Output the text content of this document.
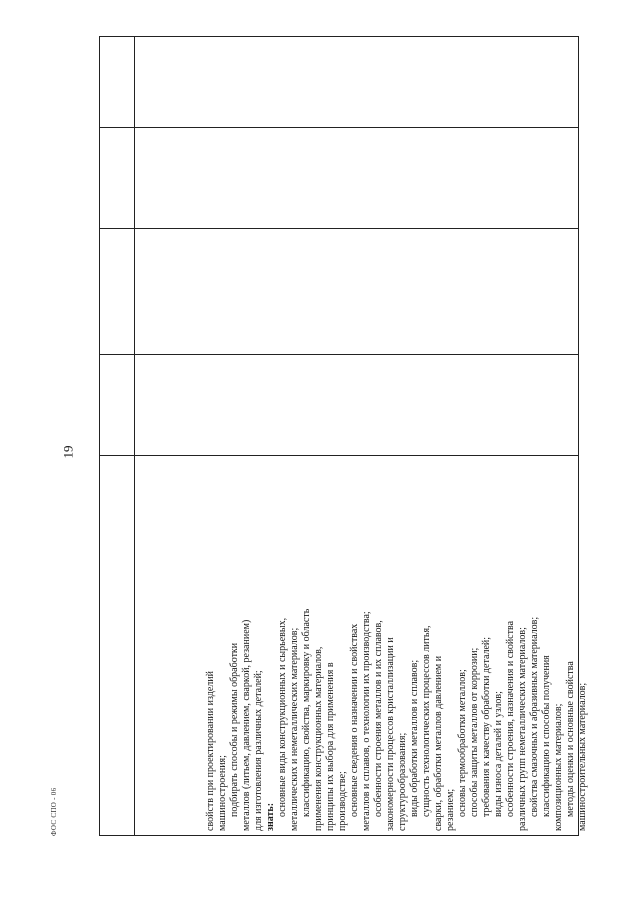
19
свойств при проектировании изделий машиностроения; подбирать способы и режимы обработки металлов (литьем, давлением, сваркой, резанием) для изготовления различных деталей; знать: основные виды конструкционных и сырьевых, металлических и неметаллических материалов; классификацию, свойства, маркировку и область применения конструкционных материалов, принципы их выбора для применения в производстве; основные сведения о назначении и свойствах металлов и сплавов, о технологии их производства; особенности строения металлов и их сплавов, закономерности процессов кристаллизации и структурообразования; виды обработки металлов и сплавов; сущность технологических процессов литья, сварки, обработки металлов давлением и резанием; основы термообработки металлов; способы защиты металлов от коррозии; требования к качеству обработки деталей; виды износа деталей и узлов; особенности строения, назначения и свойства различных групп неметаллических материалов; свойства смазочных и абразивных материалов; классификацию и способы получения композиционных материалов; методы оценки и основные свойства машиностроительных материалов;
ФОС СПО - 06
